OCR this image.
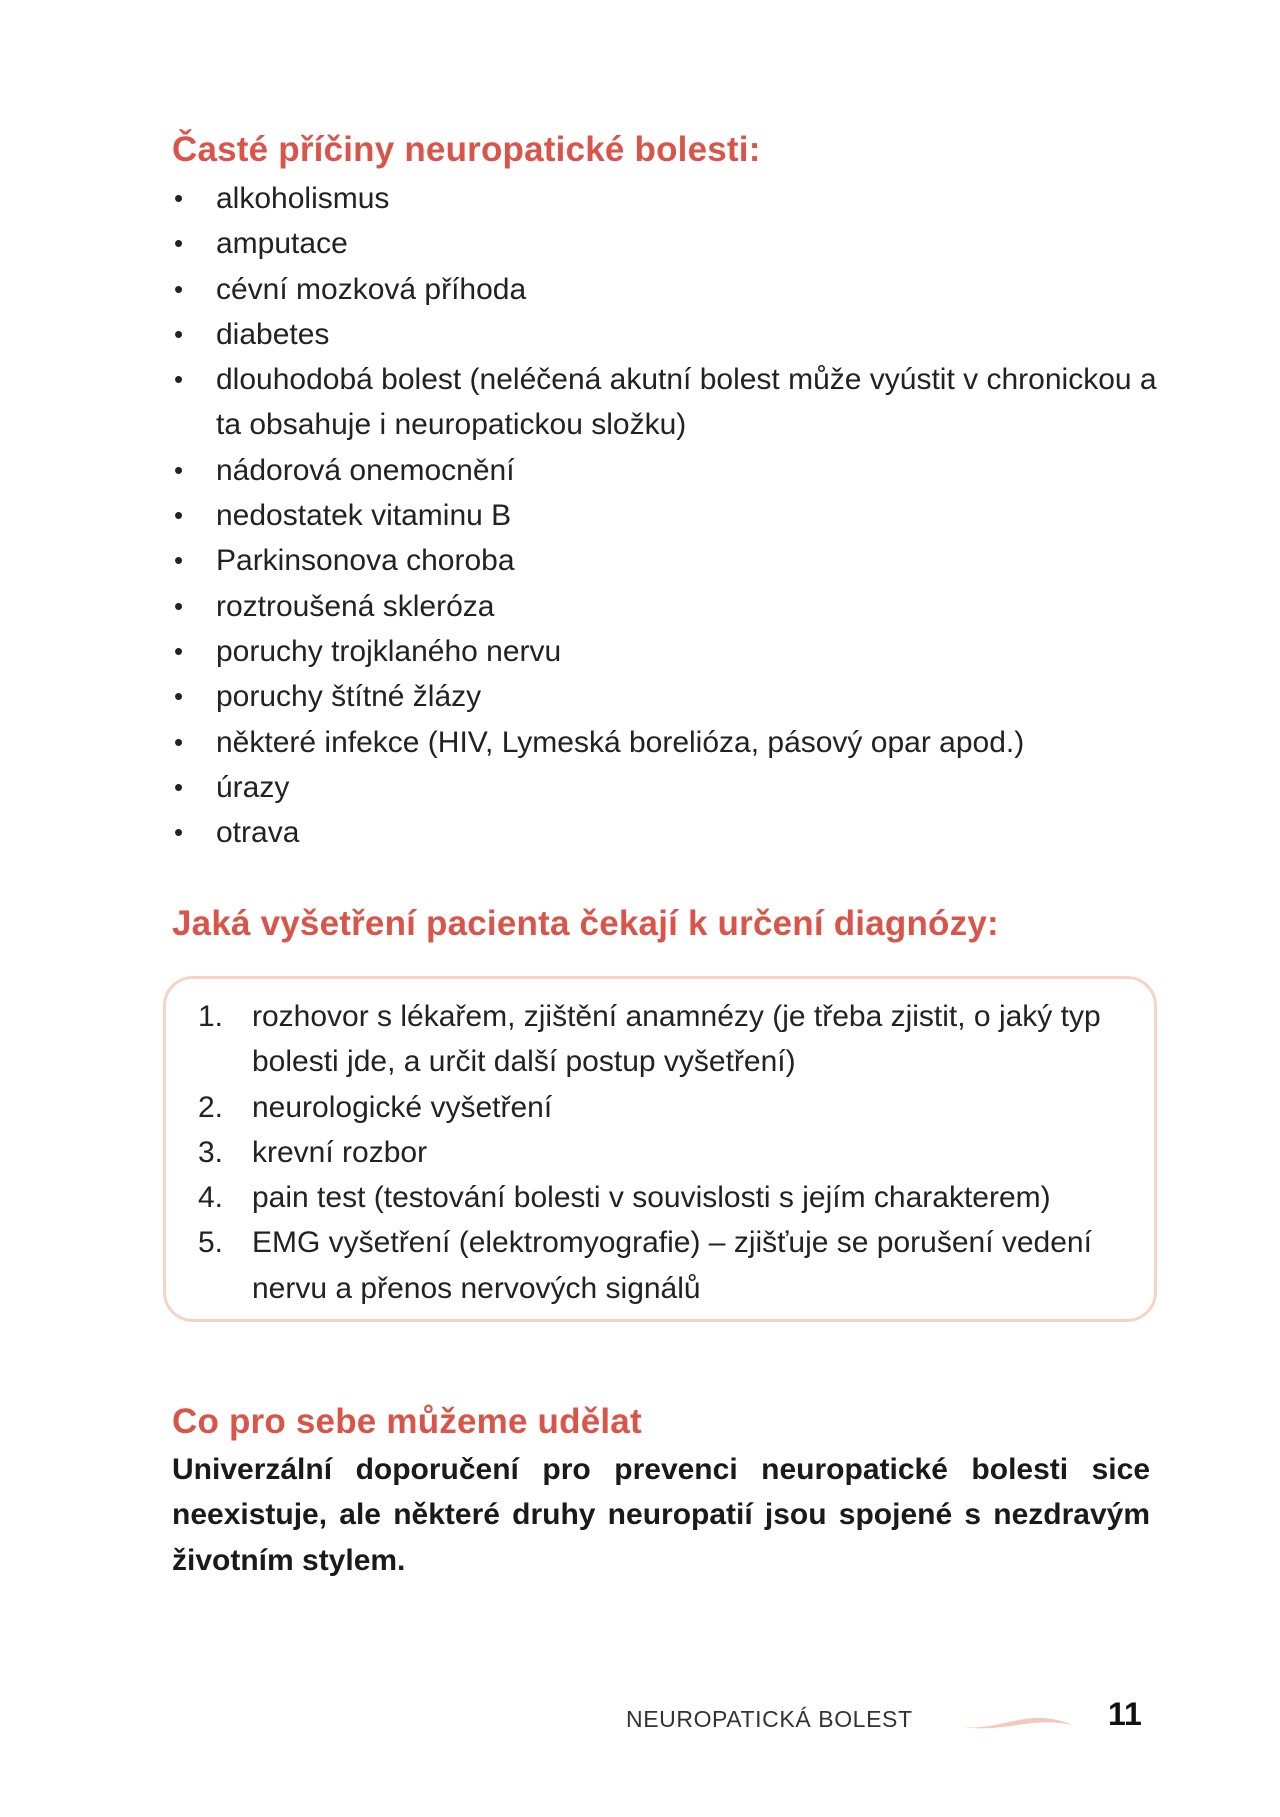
Časté příčiny neuropatické bolesti:
• alkoholismus
• amputace
• cévní mozková příhoda
• diabetes
• dlouhodobá bolest (neléčená akutní bolest může vyústit v chronickou a ta obsahuje i neuropatickou složku)
• nádorová onemocnění
• nedostatek vitaminu B
• Parkinsonova choroba
• roztroušená skleróza
• poruchy trojklaného nervu
• poruchy štítné žlázy
• některé infekce (HIV, Lymeská borelióza, pásový opar apod.)
• úrazy
• otrava
Jaká vyšetření pacienta čekají k určení diagnózy:
1. rozhovor s lékařem, zjištění anamnézy (je třeba zjistit, o jaký typ bolesti jde, a určit další postup vyšetření)
2. neurologické vyšetření
3. krevní rozbor
4. pain test (testování bolesti v souvislosti s jejím charakterem)
5. EMG vyšetření (elektromyografie) – zjišťuje se porušení vedení nervu a přenos nervových signálů
Co pro sebe můžeme udělat

Univerzální doporučení pro prevenci neuropatické bolesti sice neexistuje, ale některé druhy neuropatií jsou spojené s nezdravým životním stylem.

NEUROPATICKÁ BOLEST	11
